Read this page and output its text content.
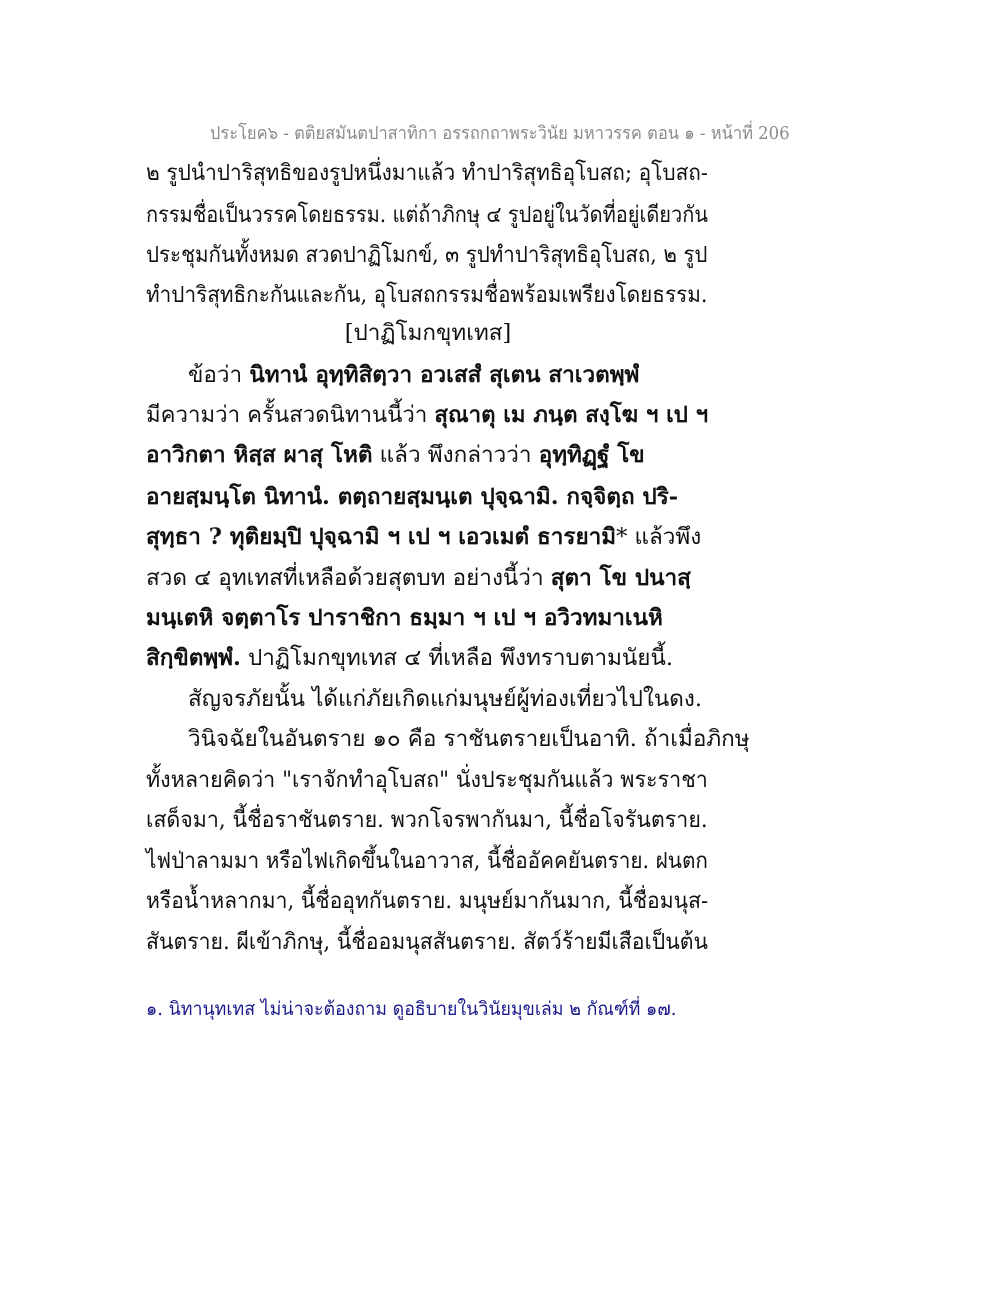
ประโยค๖ - ตติยสมันตปาสาทิกา อรรถกถาพระวินัย มหาวรรค ตอน ๑ - หน้าที่ 206
๒ รูปนำปาริสุทธิของรูปหนึ่งมาแล้ว ทำปาริสุทธิอุโบสถ; อุโบสถ-
กรรมชื่อเป็นวรรคโดยธรรม. แต่ถ้าภิกษุ ๔ รูปอยู่ในวัดที่อยู่เดียวกัน
ประชุมกันทั้งหมด สวดปาฏิโมกข์, ๓ รูปทำปาริสุทธิอุโบสถ, ๒ รูป
ทำปาริสุทธิกะกันและกัน, อุโบสถกรรมชื่อพร้อมเพรียงโดยธรรม.
[ปาฏิโมกขุทเทส]
ข้อว่า นิทานํ อุทฺทิสิตฺวา อวเสสํ สุเตน สาเวตพฺพํ
มีความว่า ครั้นสวดนิทานนี้ว่า สุณาตุ เม ภนฺต สงฺโฆ ฯ เป ฯ
อาวิกตา หิสฺส ผาสุ โหติ แล้ว พึงกล่าวว่า อุทฺทิฏฺฐํ โข
อายสฺมนฺโต นิทานํ. ตตฺถายสฺมนฺเต ปุจฺฉามิ. กจฺจิตฺถ ปริ-
สุทฺธา ? ทุติยมฺปิ ปุจฺฉามิ ฯ เป ฯ เอวเมตํ ธารยามิ* แล้วพึง
สวด ๔ อุทเทสที่เหลือด้วยสุตบท อย่างนี้ว่า สุตา โข ปนาสฺ
มนฺเตหิ จตฺตาโร ปาราชิกา ธมฺมา ฯ เป ฯ อวิวทมาเนหิ
สิกฺขิตพฺพํ. ปาฏิโมกขุทเทส ๔ ที่เหลือ พึงทราบตามนัยนี้.
สัญจรภัยนั้น ได้แก่ภัยเกิดแก่มนุษย์ผู้ท่องเที่ยวไปในดง.
วินิจฉัยในอันตราย ๑๐ คือ ราชันตรายเป็นอาทิ. ถ้าเมื่อภิกษุ
ทั้งหลายคิดว่า "เราจักทำอุโบสถ" นั่งประชุมกันแล้ว พระราชา
เสด็จมา, นี้ชื่อราชันตราย. พวกโจรพากันมา, นี้ชื่อโจรันตราย.
ไฟป่าลามมา หรือไฟเกิดขึ้นในอาวาส, นี้ชื่ออัคคยันตราย. ฝนตก
หรือน้ำหลากมา, นี้ชื่ออุทกันตราย. มนุษย์มากันมาก, นี้ชื่อมนุส-
สันตราย. ผีเข้าภิกษุ, นี้ชื่ออมนุสสันตราย. สัตว์ร้ายมีเสือเป็นต้น
๑. นิทานุทเทส ไม่น่าจะต้องถาม ดูอธิบายในวินัยมุขเล่ม ๒ กัณฑ์ที่ ๑๗.
